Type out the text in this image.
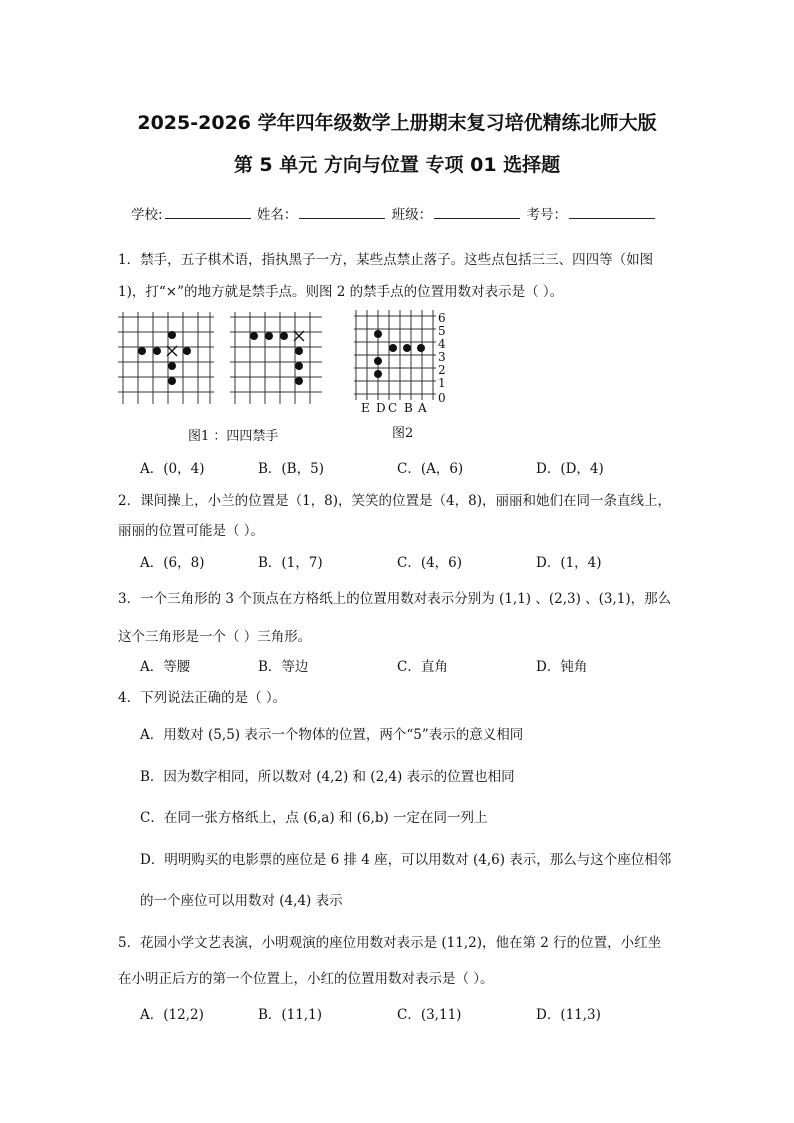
2025-2026 学年四年级数学上册期末复习培优精练北师大版
第 5 单元 方向与位置 专项 01 选择题
学校:	姓名：	班级：	考号：
1．禁手，五子棋术语，指执黑子一方，某些点禁止落子。这些点包括三三、四四等（如图
1)，打“×”的地方就是禁手点。则图 2 的禁手点的位置用数对表示是（ ）。
图1 ：四四禁手
6
5
4
3
2
1
0
E D C B A
图2
A．(0，4)	B．(B，5)	C．(A，6)	D．(D，4)
2．课间操上，小兰的位置是（1，8)，笑笑的位置是（4，8)，丽丽和她们在同一条直线上，
丽丽的位置可能是（ ）。
A．(6，8)	B．(1，7)	C．(4，6)	D．(1，4)
3．一个三角形的 3 个顶点在方格纸上的位置用数对表示分别为 (1,1) 、(2,3) 、(3,1)，那么
这个三角形是一个（ ）三角形。
A．等腰	B．等边	C．直角	D．钝角
4．下列说法正确的是（ ）。
A．用数对 (5,5) 表示一个物体的位置，两个“5”表示的意义相同
B．因为数字相同，所以数对 (4,2) 和 (2,4) 表示的位置也相同
C．在同一张方格纸上，点 (6,a) 和 (6,b) 一定在同一列上
D．明明购买的电影票的座位是 6 排 4 座，可以用数对 (4,6) 表示，那么与这个座位相邻
的一个座位可以用数对 (4,4) 表示
5．花园小学文艺表演，小明观演的座位用数对表示是 (11,2)，他在第 2 行的位置，小红坐
在小明正后方的第一个位置上，小红的位置用数对表示是（ ）。
A．(12,2)	B．(11,1)	C．(3,11)	D．(11,3)
